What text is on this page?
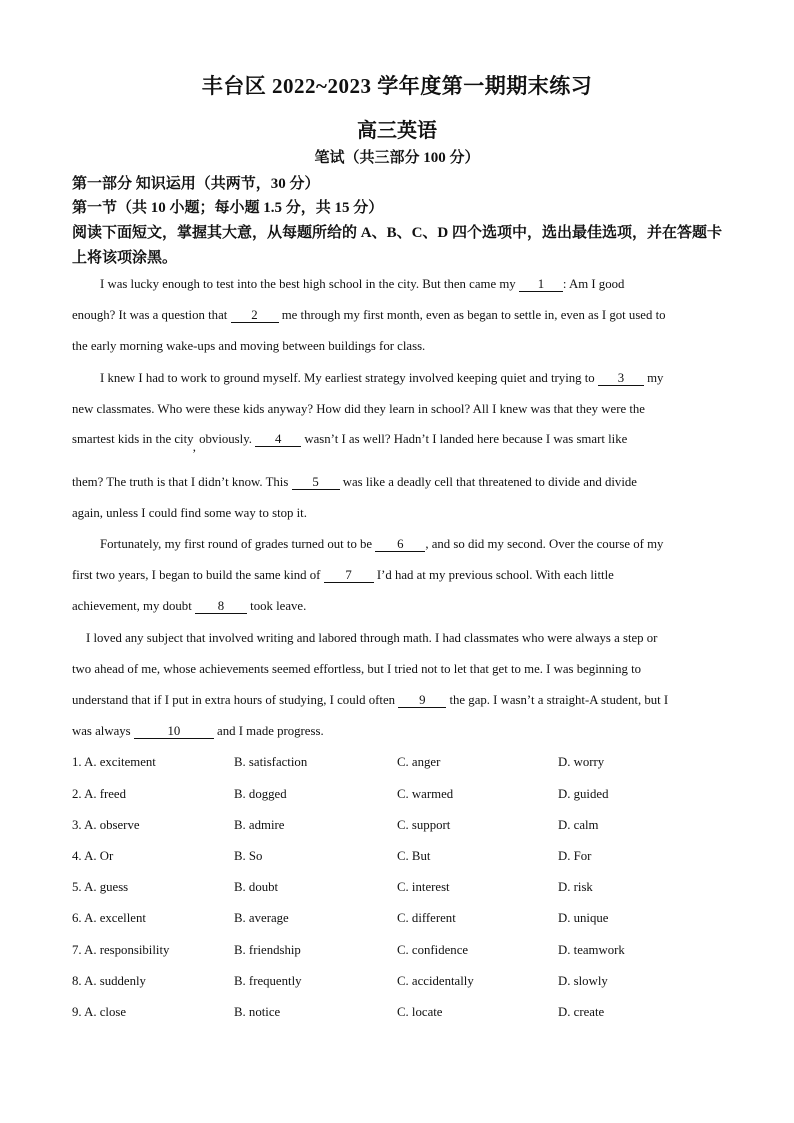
丰台区 2022~2023 学年度第一期期末练习
高三英语
笔试（共三部分 100 分）
第一部分 知识运用（共两节，30 分）
第一节（共 10 小题；每小题 1.5 分，共 15 分）
阅读下面短文，掌握其大意，从每题所给的 A、B、C、D 四个选项中，选出最佳选项，并在答题卡上将该项涂黑。
I was lucky enough to test into the best high school in the city. But then came my 1 : Am I good
enough? It was a question that 2 me through my first month, even as began to settle in, even as I got used to
the early morning wake-ups and moving between buildings for class.
I knew I had to work to ground myself. My earliest strategy involved keeping quiet and trying to 3 my
new classmates. Who were these kids anyway? How did they learn in school? All I knew was that they were the
smartest kids in the city, obviously. 4 wasn’t I as well? Hadn’t I landed here because I was smart like
them? The truth is that I didn’t know. This 5 was like a deadly cell that threatened to divide and divide
again, unless I could find some way to stop it.
Fortunately, my first round of grades turned out to be 6 , and so did my second. Over the course of my
first two years, I began to build the same kind of 7 I’d had at my previous school. With each little
achievement, my doubt 8 took leave.
I loved any subject that involved writing and labored through math. I had classmates who were always a step or
two ahead of me, whose achievements seemed effortless, but I tried not to let that get to me. I was beginning to
understand that if I put in extra hours of studying, I could often 9 the gap. I wasn’t a straight-A student, but I
was always	10	and I made progress.
1. A. excitement	B. satisfaction	C. anger	D. worry
2. A. freed	B. dogged	C. warmed	D. guided
3. A. observe	B. admire	C. support	D. calm
4. A. Or	B. So	C. But	D. For
5. A. guess	B. doubt	C. interest	D. risk
6. A. excellent	B. average	C. different	D. unique
7. A. responsibility	B. friendship	C. confidence	D. teamwork
8. A. suddenly	B. frequently	C. accidentally	D. slowly
9. A. close	B. notice	C. locate	D. create
